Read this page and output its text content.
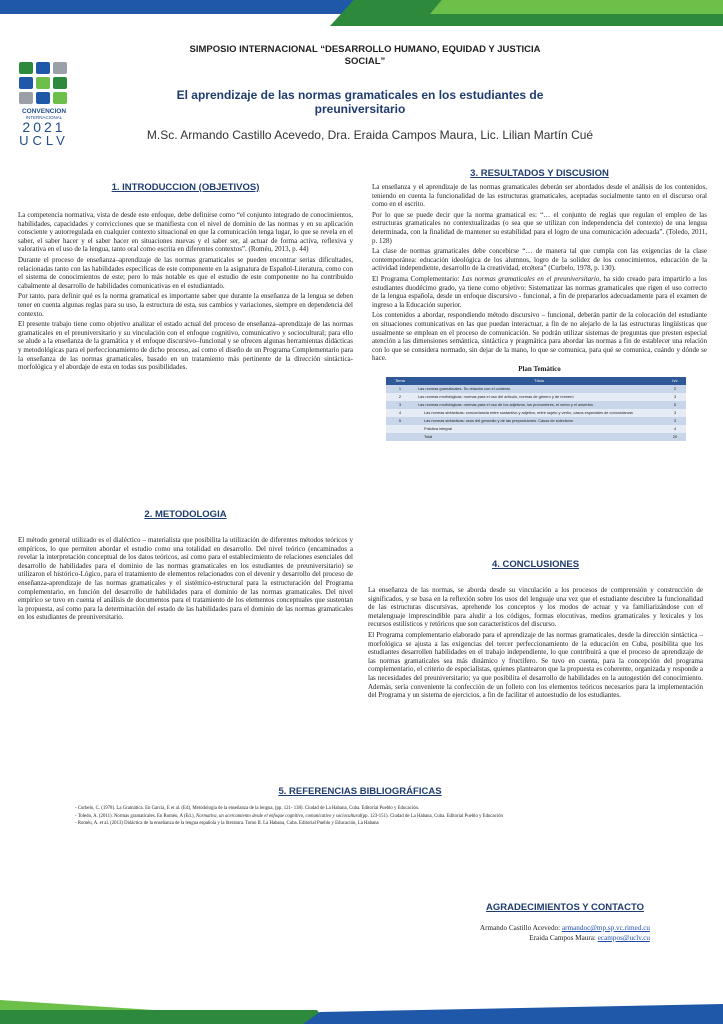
CONVENCION
INTERNACIONAL
2021
UCLV
SIMPOSIO INTERNACIONAL “DESARROLLO HUMANO, EQUIDAD Y JUSTICIA SOCIAL”
El aprendizaje de las normas gramaticales en los estudiantes de preuniversitario
M.Sc. Armando Castillo Acevedo, Dra. Eraida Campos Maura, Lic. Lilian Martín Cué
1. INTRODUCCION (OBJETIVOS)

La competencia normativa, vista de desde este enfoque, debe definirse como “el conjunto integrado de conocimientos, habilidades, capacidades y convicciones que se manifiesta con el nivel de dominio de las normas y en su aplicación consciente y autorregulada en cualquier contexto situacional en que la comunicación tenga lugar, lo que se revela en el saber, el saber hacer y el saber hacer en situaciones nuevas y el saber ser, al actuar de forma activa, reflexiva y valorativa en el uso de la lengua, tanto oral como escrita en diferentes contextos”. (Roméu, 2013, p. 44)

Durante el proceso de enseñanza–aprendizaje de las normas gramaticales se pueden encontrar serias dificultades, relacionadas tanto con las habilidades específicas de este componente en la asignatura de Español-Literatura, como con el sistema de conocimientos de este; pero lo más notable es que el estudio de este componente no ha contribuido cabalmente al desarrollo de habilidades comunicativas en el estudiantado.

Por tanto, para definir qué es la norma gramatical es importante saber que durante la enseñanza de la lengua se deben tener en cuenta algunas reglas para su uso, la estructura de esta, sus cambios y variaciones, siempre en dependencia del contexto.

El presente trabajo tiene como objetivo analizar el estado actual del proceso de enseñanza–aprendizaje de las normas gramaticales en el preuniversitario y su vinculación con el enfoque cognitivo, comunicativo y sociocultural; para ello se alude a la enseñanza de la gramática y el enfoque discursivo–funcional y se ofrecen algunas herramientas didácticas y metodológicas para el perfeccionamiento de dicho proceso, así como el diseño de un Programa Complementario para la enseñanza de las normas gramaticales, basado en un tratamiento más pertinente de la dirección sintáctica-morfológica y el abordaje de esta en todas sus posibilidades.

2. METODOLOGIA

El método general utilizado es el dialéctico – materialista que posibilita la utilización de diferentes métodos teóricos y empíricos, lo que permiten abordar el estudio como una totalidad en desarrollo. Del nivel teórico (encaminados a revelar la interpretación conceptual de los datos teóricos, así como para el establecimiento de relaciones esenciales del desarrollo de habilidades para el dominio de las normas gramaticales en los estudiantes de preuniversitario) se utilizaron el histórico-Lógico, para el tratamiento de elementos relacionados con el devenir y desarrollo del proceso de enseñanza-aprendizaje de las normas gramaticales y el sistémico-estructural para la estructuración del Programa complementario, en función del desarrollo de habilidades para el dominio de las normas gramaticales. Del nivel empírico se tuvo en cuenta el análisis de documentos para el tratamiento de los elementos conceptuales que sustentan la propuesta, así como para la determinación del estado de las habilidades para el dominio de las normas gramaticales en los estudiantes de preuniversitario.

3. RESULTADOS Y DISCUSION

La enseñanza y el aprendizaje de las normas gramaticales deberán ser abordados desde el análisis de los contenidos, teniendo en cuenta la funcionalidad de las estructuras gramaticales, aceptadas socialmente tanto en el discurso oral como en el escrito.

Por lo que se puede decir que la norma gramatical es: “… el conjunto de reglas que regulan el empleo de las estructuras gramaticales no contextualizadas (o sea que se utilizan con independencia del contexto) de una lengua determinada, con la finalidad de mantener su estabilidad para el logro de una comunicación adecuada”. (Toledo, 2011, p. 128)

La clase de normas gramaticales debe concebirse “… de manera tal que cumpla con las exigencias de la clase contemporánea: educación ideológica de los alumnos, logro de la solidez de los conocimientos, educación de la actividad independiente, desarrollo de la creatividad, etcétera” (Curbelo, 1978, p. 130).

El Programa Complementario: Las normas gramaticales en el preuniversitario, ha sido creado para impartirlo a los estudiantes duodécimo grado, ya tiene como objetivo: Sistematizar las normas gramaticales que rigen el uso correcto de la lengua española, desde un enfoque discursivo - funcional, a fin de prepararlos adecuadamente para el examen de ingreso a la Educación superior.

Los contenidos a abordar, respondiendo método discursivo – funcional, deberán partir de la colocación del estudiante en situaciones comunicativas en las que puedan interactuar, a fin de no alejarlo de la las estructuras lingüísticas que usualmente se emplean en el proceso de comunicación. Se podrán utilizar sistemas de preguntas que presten especial atención a las dimensiones semántica, sintáctica y pragmática para abordar las normas a fin de establecer una relación con lo que se considera normado, sin dejar de la mano, lo que se comunica, para qué se comunica, cuándo y dónde se hace.

Plan Temático
Tema	Título	h/c
1	Las normas gramaticales. Su relación con el contexto	2
2	Las normas morfológicas: normas para el uso del artículo, normas de género y de número	3
3	Las normas morfológicas: normas para el uso de los adjetivos, los pronombres, el verbo y el adverbio	5
4	Las normas sintácticas: concordancia entre sustantivo y adjetivo, entre sujeto y verbo, casos especiales de concordancia	3
5	Las normas sintácticas: usos del gerundio y de las preposiciones. Casos de solecismo	3
	Práctica integral	4
	Total	20
4. CONCLUSIONES

La enseñanza de las normas, se aborda desde su vinculación a los procesos de comprensión y construcción de significados, y se basa en la reflexión sobre los usos del lenguaje una vez que el estudiante descubre la funcionalidad de las estructuras discursivas, aprehende los conceptos y los modos de actuar y va familiarizándose con el metalenguaje imprescindible para aludir a los códigos, formas elocutivas, medios gramaticales y lexicales y los recursos estilísticos y retóricos que son característicos del discurso.

El Programa complementario elaborado para el aprendizaje de las normas gramaticales, desde la dirección sintáctica – morfológica se ajusta a las exigencias del tercer perfeccionamiento de la educación en Cuba, posibilita que los estudiantes desarrollen habilidades en el trabajo independiente, lo que contribuirá a que el proceso de aprendizaje de las normas gramaticales sea más dinámico y fructífero. Se tuvo en cuenta, para la concepción del programa complementario, el criterio de especialistas, quienes plantearon que la propuesta es coherente, organizada y responde a las necesidades del preuniversitario; ya que posibilita el desarrollo de habilidades en la autogestión del conocimiento. Además, sería conveniente la confección de un folleto con los elementos teóricos necesarios para la implementación del Programa y un sistema de ejercicios, a fin de facilitar el autoestudio de los estudiantes.

5. REFERENCIAS BIBLIOGRÁFICAS
- Curbelo, C. (1978). La Gramática. En García, E et al. (Ed), Metodología de la enseñanza de la lengua, (pp. 121- 138). Ciudad de La Habana, Cuba. Editorial Pueblo y Educación.
- Toledo, A. (2011). Normas gramaticales. En Roméu, A (Ed.), Normativa, un acercamiento desde el enfoque cognitivo, comunicativo y sociocultural(pp. 123-151). Ciudad de La Habana, Cuba. Editorial Pueblo y Educación
- Roméu, A. et al. (2013) Didáctica de la enseñanza de la lengua española y la literatura. Tomo II. La Habana, Cuba. Editorial Pueblo y Educación, La Habana
AGRADECIMIENTOS Y CONTACTO
Armando Castillo Acevedo: armandoc@mp.sp.vc.rimed.cu
Eraida Campos Maura: ecampos@uclv.cu
